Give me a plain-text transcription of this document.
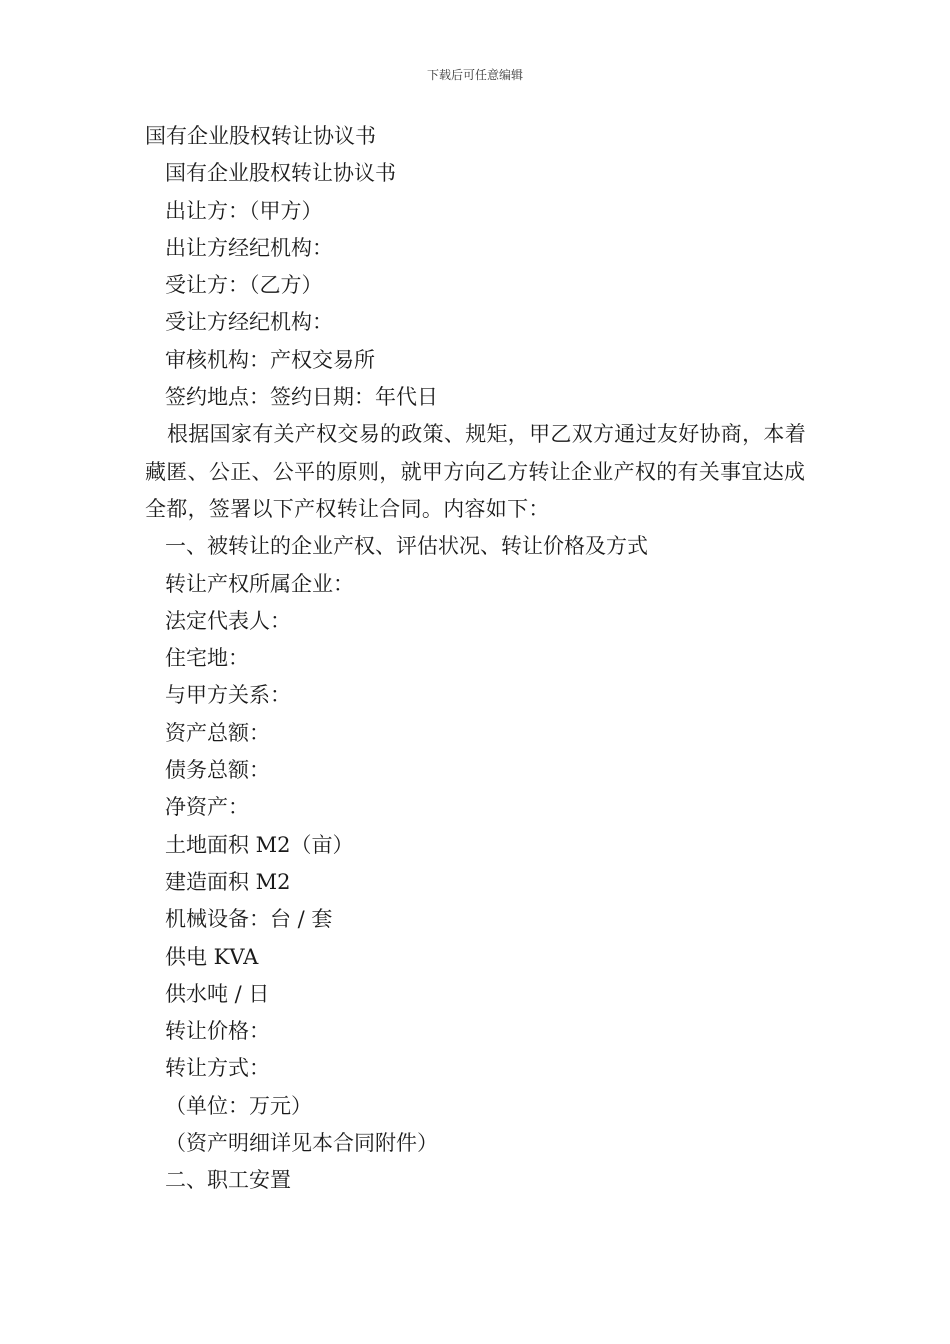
下载后可任意编辑
国有企业股权转让协议书
国有企业股权转让协议书
出让方：（甲方）
出让方经纪机构：
受让方：（乙方）
受让方经纪机构：
审核机构：产权交易所
签约地点：签约日期：年代日
根据国家有关产权交易的政策、规矩，甲乙双方通过友好协商，本着藏匿、公正、公平的原则，就甲方向乙方转让企业产权的有关事宜达成全都，签署以下产权转让合同。内容如下：
一、被转让的企业产权、评估状况、转让价格及方式
转让产权所属企业：
法定代表人：
住宅地：
与甲方关系：
资产总额：
债务总额：
净资产：
土地面积 M2（亩）
建造面积 M2
机械设备：台 / 套
供电 KVA
供水吨 / 日
转让价格：
转让方式：
（单位：万元）
（资产明细详见本合同附件）
二、职工安置
